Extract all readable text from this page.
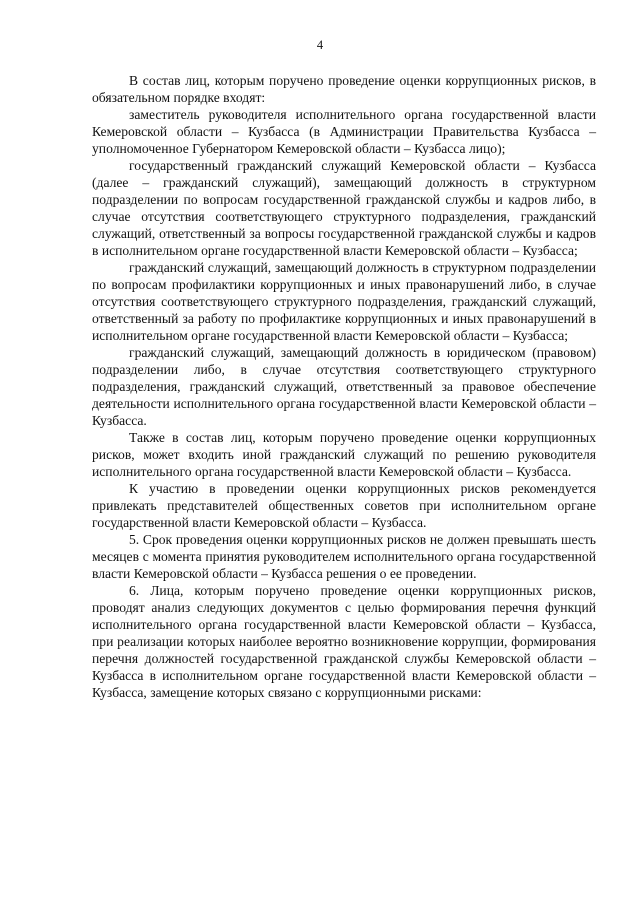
4

В состав лиц, которым поручено проведение оценки коррупционных рисков, в обязательном порядке входят:

заместитель руководителя исполнительного органа государственной власти Кемеровской области – Кузбасса (в Администрации Правительства Кузбасса – уполномоченное Губернатором Кемеровской области – Кузбасса лицо);

государственный гражданский служащий Кемеровской области – Кузбасса (далее – гражданский служащий), замещающий должность в структурном подразделении по вопросам государственной гражданской службы и кадров либо, в случае отсутствия соответствующего структурного подразделения, гражданский служащий, ответственный за вопросы государственной гражданской службы и кадров в исполнительном органе государственной власти Кемеровской области – Кузбасса;

гражданский служащий, замещающий должность в структурном подразделении по вопросам профилактики коррупционных и иных правонарушений либо, в случае отсутствия соответствующего структурного подразделения, гражданский служащий, ответственный за работу по профилактике коррупционных и иных правонарушений в исполнительном органе государственной власти Кемеровской области – Кузбасса;

гражданский служащий, замещающий должность в юридическом (правовом) подразделении либо, в случае отсутствия соответствующего структурного подразделения, гражданский служащий, ответственный за правовое обеспечение деятельности исполнительного органа государственной власти Кемеровской области – Кузбасса.

Также в состав лиц, которым поручено проведение оценки коррупционных рисков, может входить иной гражданский служащий по решению руководителя исполнительного органа государственной власти Кемеровской области – Кузбасса.

К участию в проведении оценки коррупционных рисков рекомендуется привлекать представителей общественных советов при исполнительном органе государственной власти Кемеровской области – Кузбасса.

5. Срок проведения оценки коррупционных рисков не должен превышать шесть месяцев с момента принятия руководителем исполнительного органа государственной власти Кемеровской области – Кузбасса решения о ее проведении.

6. Лица, которым поручено проведение оценки коррупционных рисков, проводят анализ следующих документов с целью формирования перечня функций исполнительного органа государственной власти Кемеровской области – Кузбасса, при реализации которых наиболее вероятно возникновение коррупции, формирования перечня должностей государственной гражданской службы Кемеровской области – Кузбасса в исполнительном органе государственной власти Кемеровской области – Кузбасса, замещение которых связано с коррупционными рисками:
